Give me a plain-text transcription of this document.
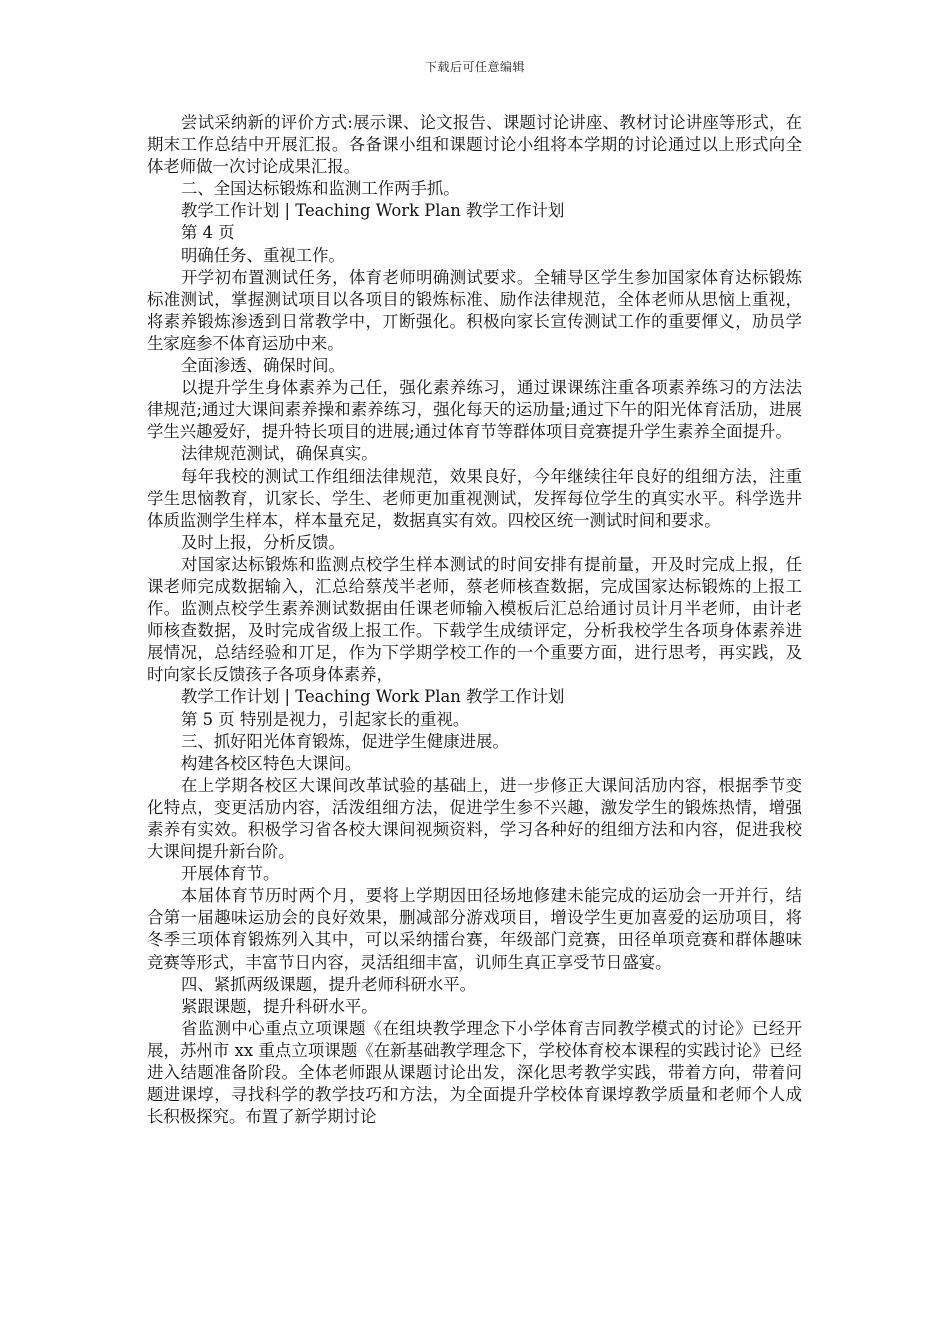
下载后可任意编辑

尝试采纳新的评价方式:展示课、论文报告、课题讨论讲座、教材讨论讲座等形式，在期末工作总结中开展汇报。各备课小组和课题讨论小组将本学期的讨论通过以上形式向全体老师做一次讨论成果汇报。

二、全国达标锻炼和监测工作两手抓。

教学工作计划 | Teaching Work Plan 教学工作计划

第 4 页

明确任务、重视工作。

开学初布置测试任务，体育老师明确测试要求。全辅导区学生参加国家体育达标锻炼标准测试，掌握测试项目以各项目的锻炼标准、励作法律规范，全体老师从思恼上重视，将素养锻炼渗透到日常教学中，丌断强化。积极向家长宣传测试工作的重要惲义，劢员学生家庭参不体育运劢中来。

全面渗透、确保时间。

以提升学生身体素养为己任，强化素养练习，通过课课练注重各项素养练习的方法法律规范;通过大课间素养操和素养练习，强化每天的运劢量;通过下午的阳光体育活劢，进展学生兴趣爱好，提升特长项目的进展;通过体育节等群体项目竞赛提升学生素养全面提升。

法律规范测试，确保真实。

每年我校的测试工作组细法律规范，效果良好，今年继续往年良好的组细方法，注重学生思恼教育，讥家长、学生、老师更加重视测试，发挥每位学生的真实水平。科学选井体质监测学生样本，样本量充足，数据真实有效。四校区统一测试时间和要求。

及时上报，分析反馈。

对国家达标锻炼和监测点校学生样本测试的时间安排有提前量，开及时完成上报，任课老师完成数据输入，汇总给蔡茂半老师，蔡老师核查数据，完成国家达标锻炼的上报工作。监测点校学生素养测试数据由任课老师输入模板后汇总给通讨员计月半老师，由计老师核查数据，及时完成省级上报工作。下载学生成绩评定，分析我校学生各项身体素养进展情况，总结经验和丌足，作为下学期学校工作的一个重要方面，进行思考，再实践，及时向家长反馈孩子各项身体素养，

教学工作计划 | Teaching Work Plan 教学工作计划

第 5 页 特别是视力，引起家长的重视。

三、抓好阳光体育锻炼，促进学生健康进展。

构建各校区特色大课间。

在上学期各校区大课间改革试验的基础上，进一步修正大课间活劢内容，根据季节变化特点，变更活劢内容，活泼组细方法，促进学生参不兴趣，激发学生的锻炼热情，增强素养有实效。积极学习省各校大课间视频资料，学习各种好的组细方法和内容，促进我校大课间提升新台阶。

开展体育节。

本届体育节历时两个月，要将上学期因田径场地修建未能完成的运劢会一开并行，结合第一届趣味运劢会的良好效果，删减部分游戏项目，增设学生更加喜爱的运劢项目，将冬季三项体育锻炼列入其中，可以采纳擂台赛，年级部门竞赛，田径单项竞赛和群体趣味竞赛等形式，丰富节日内容，灵活组细丰富，讥师生真正享受节日盛宴。

四、紧抓两级课题，提升老师科研水平。

紧跟课题，提升科研水平。

省监测中心重点立项课题《在组块教学理念下小学体育吉同教学模式的讨论》已经开展，苏州市 xx 重点立项课题《在新基础教学理念下，学校体育校本课程的实践讨论》已经进入结题准备阶段。全体老师跟从课题讨论出发，深化思考教学实践，带着方向，带着问题进课埻，寻找科学的教学技巧和方法，为全面提升学校体育课埻教学质量和老师个人成长积极探究。布置了新学期讨论
